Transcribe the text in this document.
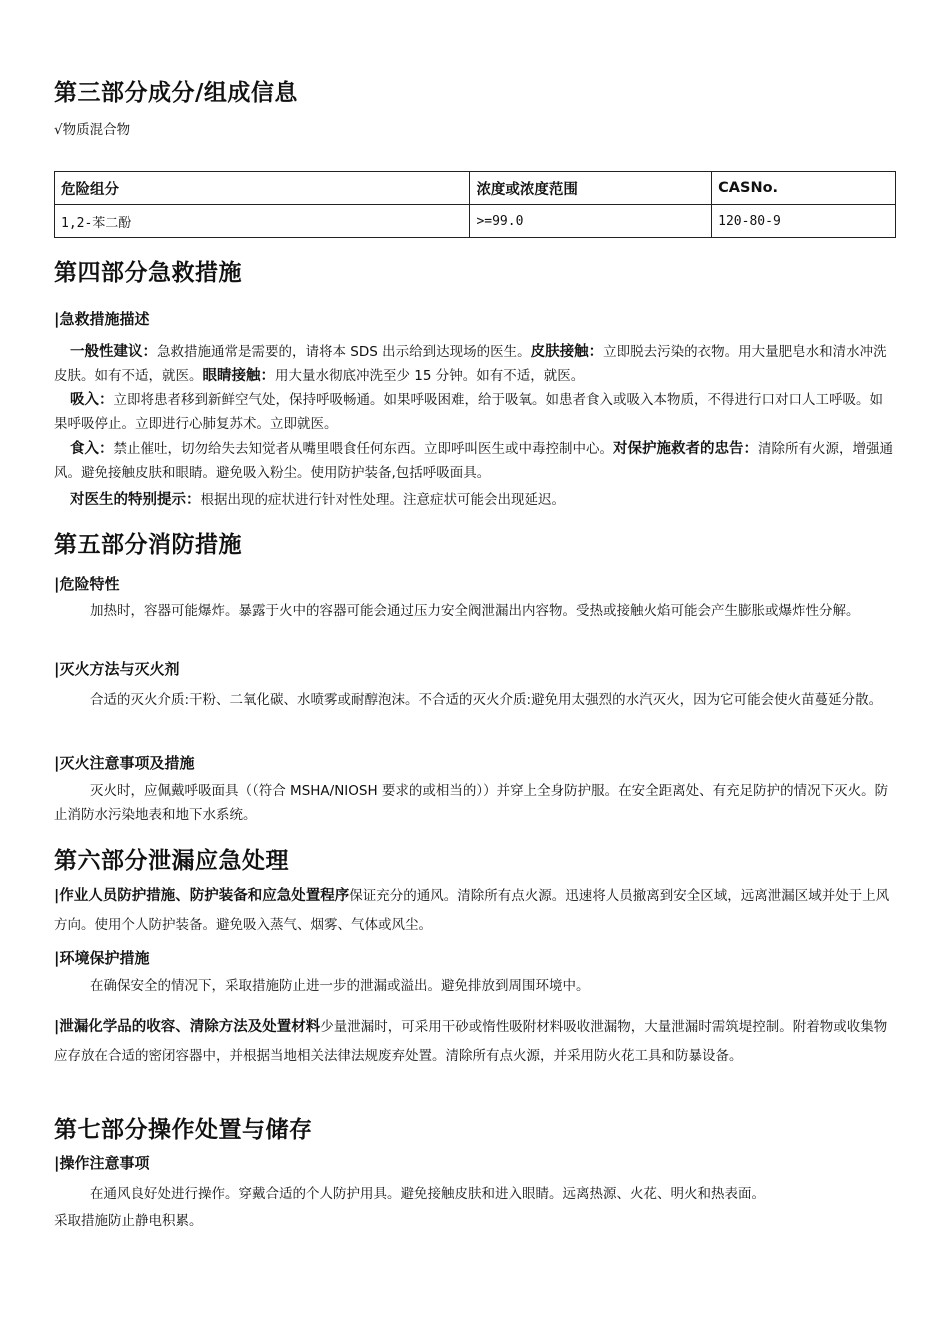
第三部分成分/组成信息
√物质混合物
危险组分	浓度或浓度范围	CASNo.
1,2-苯二酚	>=99.0	120-80-9
第四部分急救措施
|急救措施描述
一般性建议：急救措施通常是需要的，请将本 SDS 出示给到达现场的医生。皮肤接触：立即脱去污染的衣物。用大量肥皂水和清水冲洗皮肤。如有不适，就医。眼睛接触：用大量水彻底冲洗至少 15 分钟。如有不适，就医。
吸入：立即将患者移到新鲜空气处，保持呼吸畅通。如果呼吸困难，给于吸氧。如患者食入或吸入本物质，不得进行口对口人工呼吸。如果呼吸停止。立即进行心肺复苏术。立即就医。
食入：禁止催吐，切勿给失去知觉者从嘴里喂食任何东西。立即呼叫医生或中毒控制中心。对保护施救者的忠告：清除所有火源，增强通风。避免接触皮肤和眼睛。避免吸入粉尘。使用防护装备,包括呼吸面具。
对医生的特别提示：根据出现的症状进行针对性处理。注意症状可能会出现延迟。
第五部分消防措施
|危险特性
加热时，容器可能爆炸。暴露于火中的容器可能会通过压力安全阀泄漏出内容物。受热或接触火焰可能会产生膨胀或爆炸性分解。
|灭火方法与灭火剂
合适的灭火介质:干粉、二氧化碳、水喷雾或耐醇泡沫。不合适的灭火介质:避免用太强烈的水汽灭火，因为它可能会使火苗蔓延分散。
|灭火注意事项及措施
灭火时，应佩戴呼吸面具（（符合 MSHA/NIOSH 要求的或相当的））并穿上全身防护服。在安全距离处、有充足防护的情况下灭火。防止消防水污染地表和地下水系统。
第六部分泄漏应急处理
|作业人员防护措施、防护装备和应急处置程序保证充分的通风。清除所有点火源。迅速将人员撤离到安全区域，远离泄漏区域并处于上风方向。使用个人防护装备。避免吸入蒸气、烟雾、气体或风尘。
|环境保护措施
在确保安全的情况下，采取措施防止进一步的泄漏或溢出。避免排放到周围环境中。
|泄漏化学品的收容、清除方法及处置材料少量泄漏时，可采用干砂或惰性吸附材料吸收泄漏物，大量泄漏时需筑堤控制。附着物或收集物应存放在合适的密闭容器中，并根据当地相关法律法规废弃处置。清除所有点火源，并采用防火花工具和防暴设备。
第七部分操作处置与储存
|操作注意事项
在通风良好处进行操作。穿戴合适的个人防护用具。避免接触皮肤和进入眼睛。远离热源、火花、明火和热表面。
采取措施防止静电积累。
